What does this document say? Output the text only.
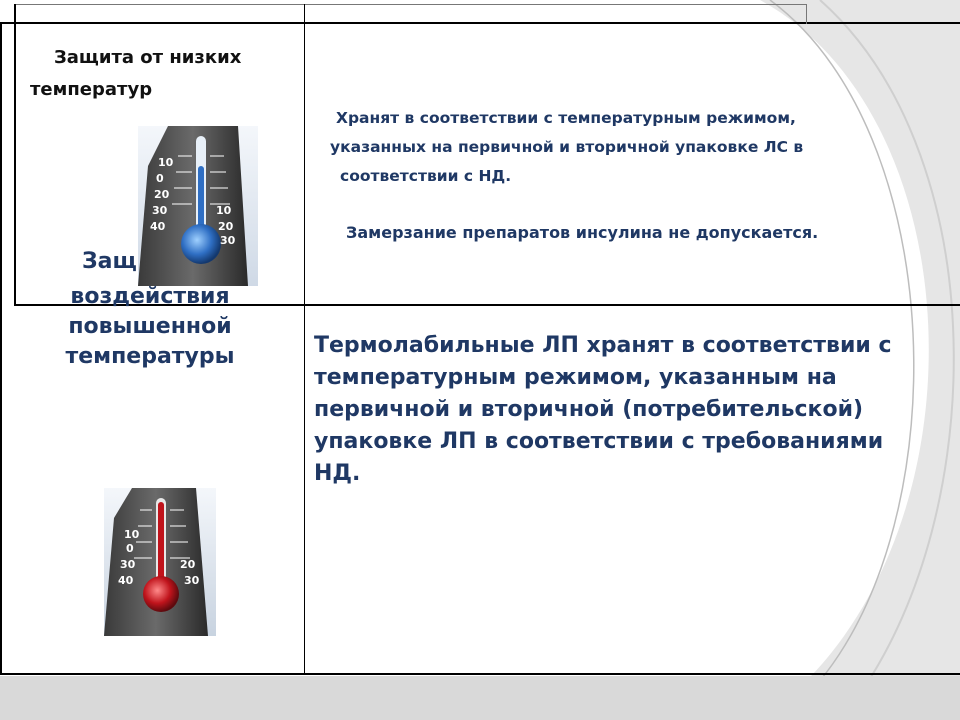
Защита от низких
температур
10
0
20
30
40
10
20
30
Хранят в соответствии с температурным режимом,
указанных на первичной и вторичной упаковке ЛС в
соответствии с НД.
Замерзание препаратов инсулина не допускается.
Защ
воздействия
повышенной
температуры	Термолабильные ЛП хранят в соответствии с
температурным режимом, указанным на
первичной и вторичной (потребительской)
упаковке ЛП в соответствии с требованиями
НД.
10
0
30
40
20
30
